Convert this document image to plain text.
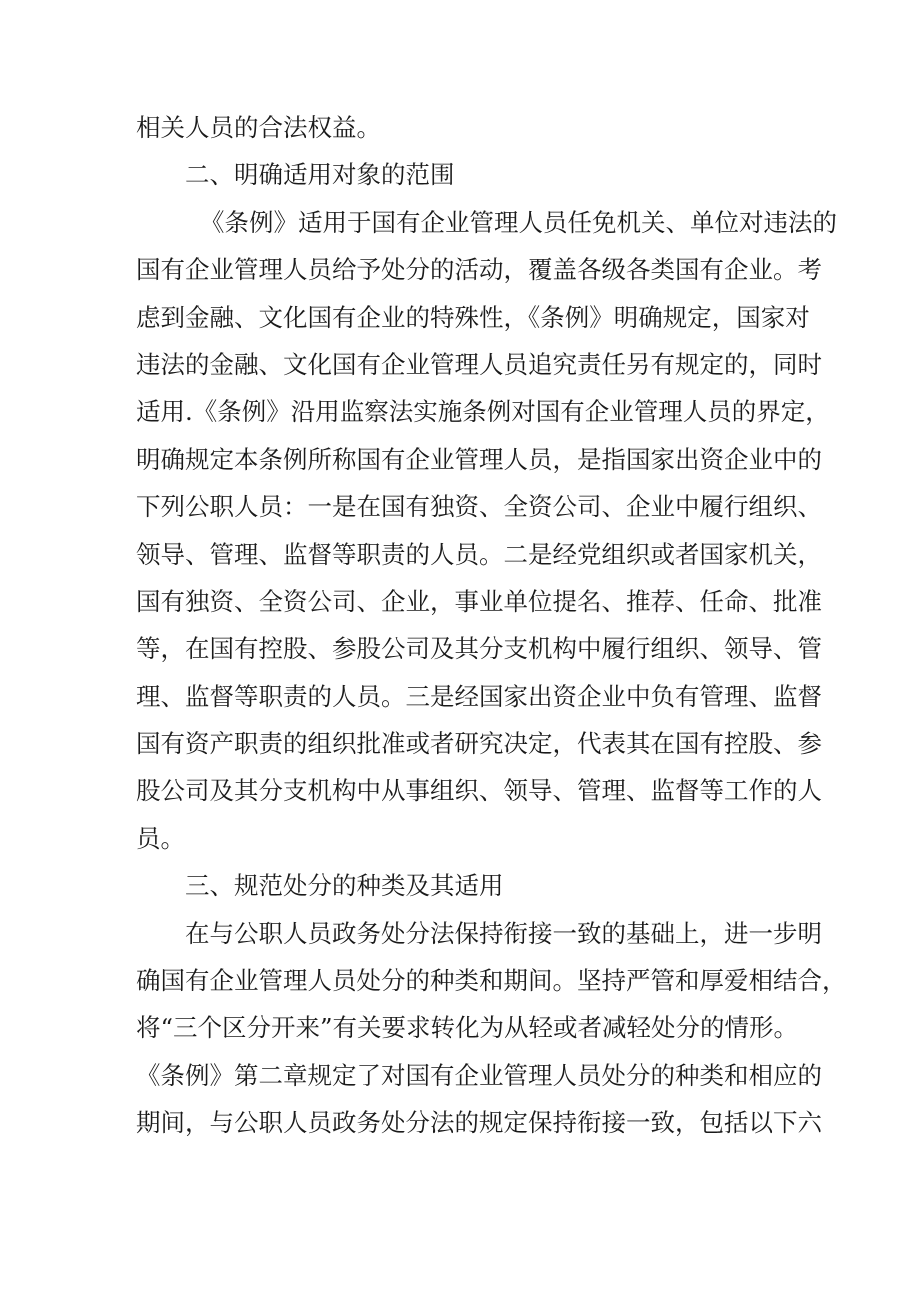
相关人员的合法权益。
二、明确适用对象的范围
《条例》适用于国有企业管理人员任免机关、单位对违法的
国有企业管理人员给予处分的活动，覆盖各级各类国有企业。考
虑到金融、文化国有企业的特殊性，《条例》明确规定，国家对
违法的金融、文化国有企业管理人员追究责任另有规定的，同时
适用.《条例》沿用监察法实施条例对国有企业管理人员的界定，
明确规定本条例所称国有企业管理人员，是指国家出资企业中的
下列公职人员：一是在国有独资、全资公司、企业中履行组织、
领导、管理、监督等职责的人员。二是经党组织或者国家机关，
国有独资、全资公司、企业，事业单位提名、推荐、任命、批准
等，在国有控股、参股公司及其分支机构中履行组织、领导、管
理、监督等职责的人员。三是经国家出资企业中负有管理、监督
国有资产职责的组织批准或者研究决定，代表其在国有控股、参
股公司及其分支机构中从事组织、领导、管理、监督等工作的人
员。
三、规范处分的种类及其适用
在与公职人员政务处分法保持衔接一致的基础上，进一步明
确国有企业管理人员处分的种类和期间。坚持严管和厚爱相结合，
将“三个区分开来”有关要求转化为从轻或者减轻处分的情形。
《条例》第二章规定了对国有企业管理人员处分的种类和相应的
期间，与公职人员政务处分法的规定保持衔接一致，包括以下六
